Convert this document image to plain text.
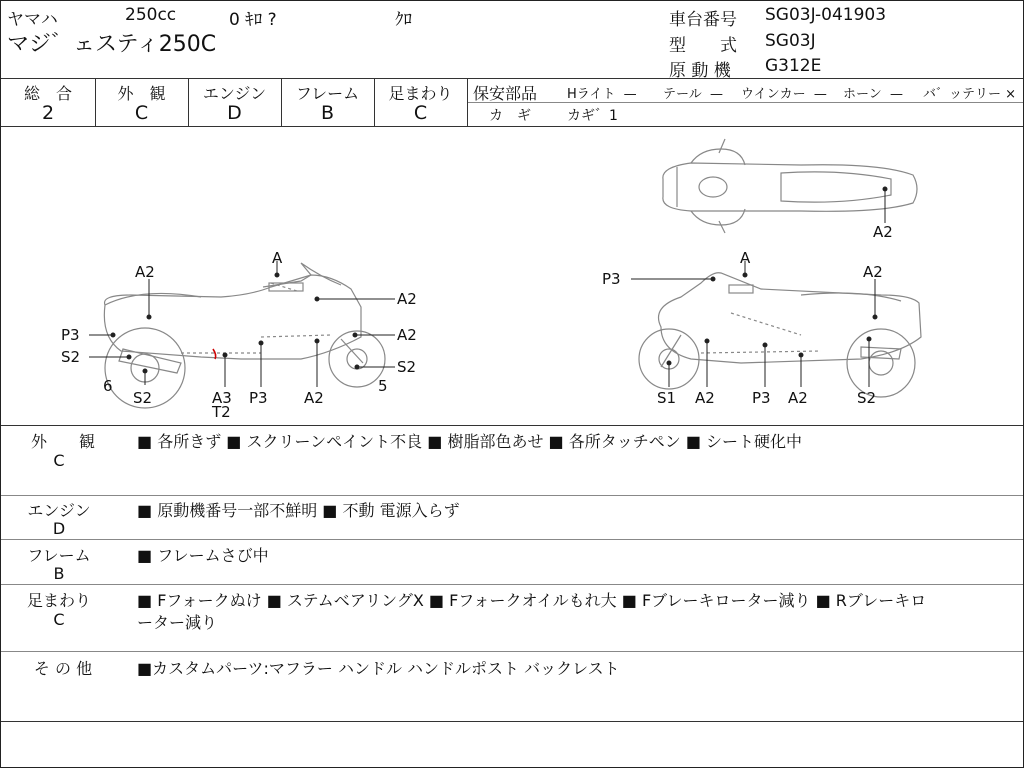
ヤマハ	250cc	0 ｷﾛ ?	ｸﾛ
マジ゛ェスティ250C
車台番号 SG03J-041903
型　　式 SG03J
原 動 機 G312E
総　合
2
外　観
C
エンジン
D
フレーム
B
足まわり
C
保安部品 Hライト — テール — ウインカー — ホーン — バ゛ッテリー ×
カ　ギ	カギ゛1
A2
A
A2
A2
A2
P3
S2
S2
6	5
S2	A3
T2
P3 A2
A
P3	A2
S1 A2 P3 A2	S2
外　　観
C
■ 各所きず ■ スクリーンペイント不良 ■ 樹脂部色あせ ■ 各所タッチペン ■ シート硬化中
エンジン
D
■ 原動機番号一部不鮮明 ■ 不動 電源入らず
フレーム
B
■ フレームさび中
足まわり
C
■ Fフォークぬけ ■ ステムベアリングX ■ Fフォークオイルもれ大 ■ Fブレーキローター減り ■ Rブレーキロ
ーター減り
そ の 他	■カスタムパーツ:マフラー ハンドル ハンドルポスト バックレスト
